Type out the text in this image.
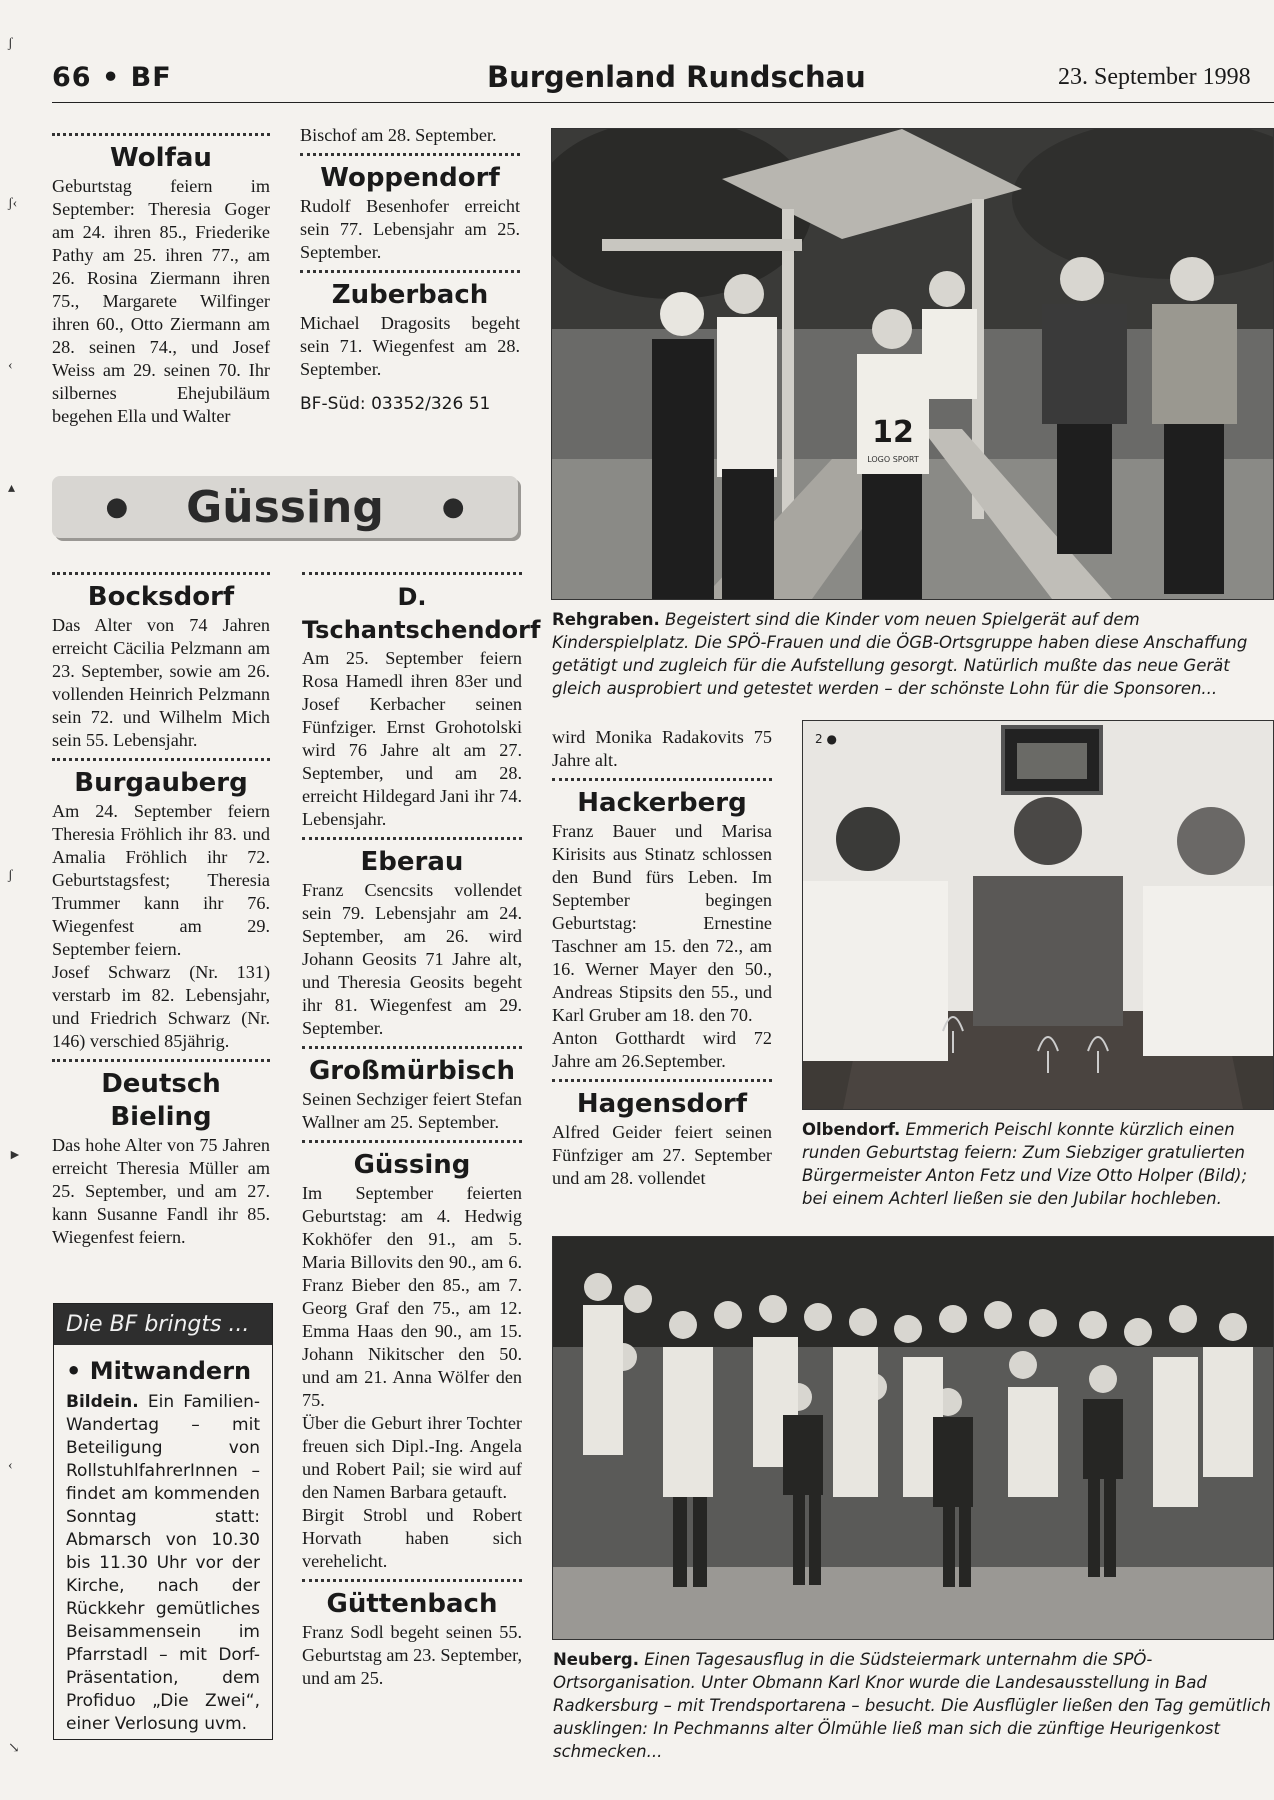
ʃ
ʃ‹
‹
▴
ʃ
►
‹
↘
66 • BF	Burgenland Rundschau	23. September 1998
Wolfau

Geburtstag feiern im September: Theresia Goger am 24. ihren 85., Friederike Pathy am 25. ihren 77., am 26. Rosina Ziermann ihren 75., Margarete Wilfinger ihren 60., Otto Ziermann am 28. seinen 74., und Josef Weiss am 29. seinen 70. Ihr silbernes Ehejubiläum begehen Ella und Walter

Bischof am 28. September.

Woppendorf

Rudolf Besenhofer erreicht sein 77. Lebensjahr am 25. September.

Zuberbach

Michael Dragosits begeht sein 71. Wiegenfest am 28. September.

BF-Süd: 03352/326 51
● Güssing ●
Bocksdorf

Das Alter von 74 Jahren erreicht Cäcilia Pelzmann am 23. September, sowie am 26. vollenden Heinrich Pelzmann sein 72. und Wilhelm Mich sein 55. Lebensjahr.

Burgauberg

Am 24. September feiern Theresia Fröhlich ihr 83. und Amalia Fröhlich ihr 72. Geburtstagsfest; Theresia Trummer kann ihr 76. Wiegenfest am 29. September feiern.

Josef Schwarz (Nr. 131) verstarb im 82. Lebensjahr, und Friedrich Schwarz (Nr. 146) verschied 85jährig.

Deutsch Bieling

Das hohe Alter von 75 Jahren erreicht Theresia Müller am 25. September, und am 27. kann Susanne Fandl ihr 85. Wiegenfest feiern.

Die BF bringts ...
• Mitwandern
Bildein. Ein Familien-Wandertag – mit Beteiligung von RollstuhlfahrerInnen – findet am kommenden Sonntag statt: Abmarsch von 10.30 bis 11.30 Uhr vor der Kirche, nach der Rückkehr gemütliches Beisammensein im Pfarrstadl – mit Dorf-Präsentation, dem Profiduo „Die Zwei“, einer Verlosung uvm.
D. Tschantschendorf

Am 25. September feiern Rosa Hamedl ihren 83er und Josef Kerbacher seinen Fünfziger. Ernst Grohotolski wird 76 Jahre alt am 27. September, und am 28. erreicht Hildegard Jani ihr 74. Lebensjahr.

Eberau

Franz Csencsits vollendet sein 79. Lebensjahr am 24. September, am 26. wird Johann Geosits 71 Jahre alt, und Theresia Geosits begeht ihr 81. Wiegenfest am 29. September.

Großmürbisch

Seinen Sechziger feiert Stefan Wallner am 25. September.

Güssing

Im September feierten Geburtstag: am 4. Hedwig Kokhöfer den 91., am 5. Maria Billovits den 90., am 6. Franz Bieber den 85., am 7. Georg Graf den 75., am 12. Emma Haas den 90., am 15. Johann Nikitscher den 50. und am 21. Anna Wölfer den 75.

Über die Geburt ihrer Tochter freuen sich Dipl.-Ing. Angela und Robert Pail; sie wird auf den Namen Barbara getauft.

Birgit Strobl und Robert Horvath haben sich verehelicht.

Güttenbach

Franz Sodl begeht seinen 55. Geburtstag am 23. September, und am 25.

wird Monika Radakovits 75 Jahre alt.

Hackerberg

Franz Bauer und Marisa Kirisits aus Stinatz schlossen den Bund fürs Leben. Im September begingen Geburtstag: Ernestine Taschner am 15. den 72., am 16. Werner Mayer den 50., Andreas Stipsits den 55., und Karl Gruber am 18. den 70.

Anton Gotthardt wird 72 Jahre am 26.September.

Hagensdorf

Alfred Geider feiert seinen Fünfziger am 27. September und am 28. vollendet

12
LOGO SPORT
Rehgraben. Begeistert sind die Kinder vom neuen Spielgerät auf dem Kinderspielplatz. Die SPÖ-Frauen und die ÖGB-Ortsgruppe haben diese Anschaffung getätigt und zugleich für die Aufstellung gesorgt. Natürlich mußte das neue Gerät gleich ausprobiert und getestet werden – der schönste Lohn für die Sponsoren...
2 ●
Olbendorf. Emmerich Peischl konnte kürzlich einen runden Geburtstag feiern: Zum Siebziger gratulierten Bürgermeister Anton Fetz und Vize Otto Holper (Bild); bei einem Achterl ließen sie den Jubilar hochleben.
Neuberg. Einen Tagesausflug in die Südsteiermark unternahm die SPÖ-Ortsorganisation. Unter Obmann Karl Knor wurde die Landesausstellung in Bad Radkersburg – mit Trendsportarena – besucht. Die Ausflügler ließen den Tag gemütlich ausklingen: In Pechmanns alter Ölmühle ließ man sich die zünftige Heurigenkost schmecken...
